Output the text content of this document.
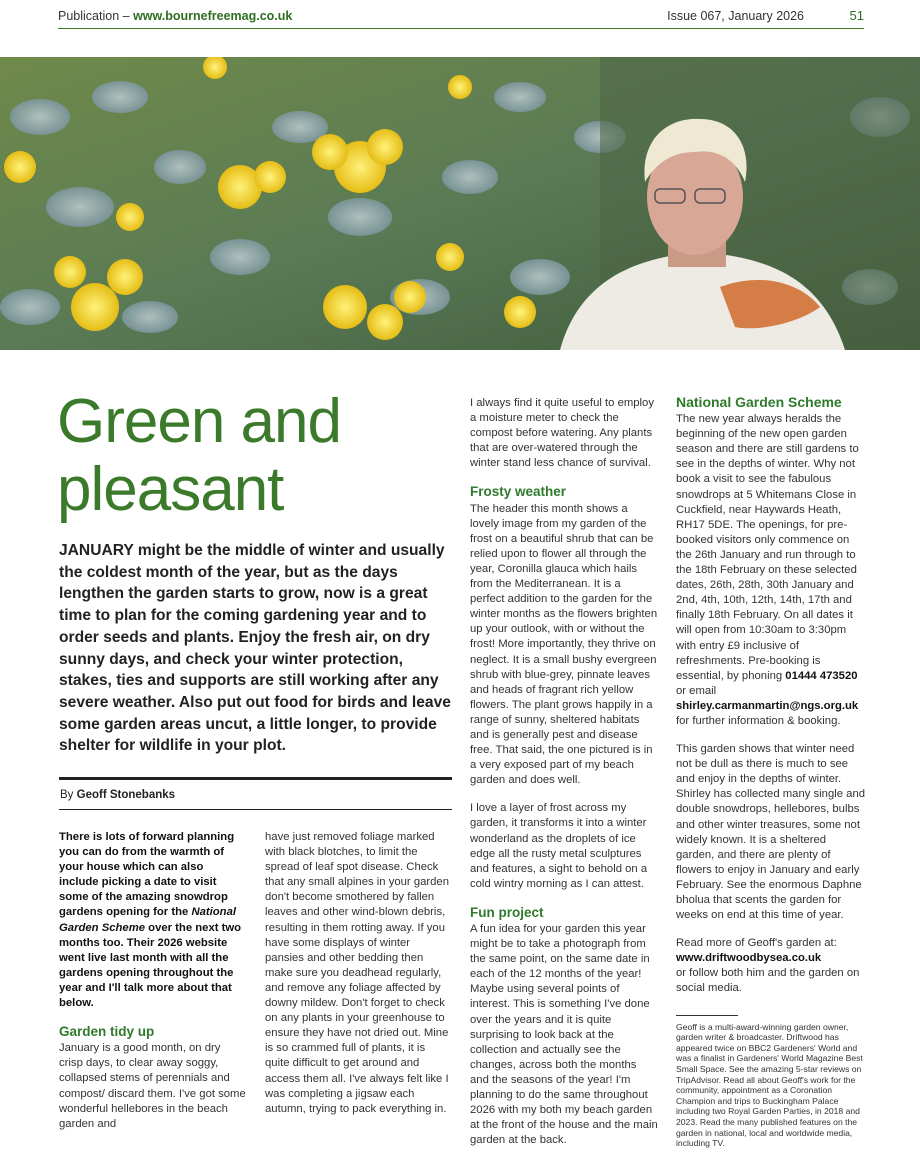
Publication – www.bournefreemag.co.uk	Issue 067, January 2026	51
Green and pleasant

JANUARY might be the middle of winter and usually the coldest month of the year, but as the days lengthen the garden starts to grow, now is a great time to plan for the coming gardening year and to order seeds and plants. Enjoy the fresh air, on dry sunny days, and check your winter protection, stakes, ties and supports are still working after any severe weather. Also put out food for birds and leave some garden areas uncut, a little longer, to provide shelter for wildlife in your plot.

By Geoff Stonebanks

There is lots of forward planning you can do from the warmth of your house which can also include picking a date to visit some of the amazing snowdrop gardens opening for the National Garden Scheme over the next two months too. Their 2026 website went live last month with all the gardens opening throughout the year and I'll talk more about that below.

Garden tidy up

January is a good month, on dry crisp days, to clear away soggy, collapsed stems of perennials and compost/ discard them. I've got some wonderful hellebores in the beach garden and

have just removed foliage marked with black blotches, to limit the spread of leaf spot disease. Check that any small alpines in your garden don't become smothered by fallen leaves and other wind-blown debris, resulting in them rotting away. If you have some displays of winter pansies and other bedding then make sure you deadhead regularly, and remove any foliage affected by downy mildew. Don't forget to check on any plants in your greenhouse to ensure they have not dried out. Mine is so crammed full of plants, it is quite difficult to get around and access them all. I've always felt like I was completing a jigsaw each autumn, trying to pack everything in.

I always find it quite useful to employ a moisture meter to check the compost before watering. Any plants that are over-watered through the winter stand less chance of survival.

Frosty weather

The header this month shows a lovely image from my garden of the frost on a beautiful shrub that can be relied upon to flower all through the year, Coronilla glauca which hails from the Mediterranean. It is a perfect addition to the garden for the winter months as the flowers brighten up your outlook, with or without the frost! More importantly, they thrive on neglect. It is a small bushy evergreen shrub with blue-grey, pinnate leaves and heads of fragrant rich yellow flowers. The plant grows happily in a range of sunny, sheltered habitats and is generally pest and disease free. That said, the one pictured is in a very exposed part of my beach garden and does well.

I love a layer of frost across my garden, it transforms it into a winter wonderland as the droplets of ice edge all the rusty metal sculptures and features, a sight to behold on a cold wintry morning as I can attest.

Fun project

A fun idea for your garden this year might be to take a photograph from the same point, on the same date in each of the 12 months of the year! Maybe using several points of interest. This is something I've done over the years and it is quite surprising to look back at the collection and actually see the changes, across both the months and the seasons of the year! I'm planning to do the same throughout 2026 with my both my beach garden at the front of the house and the main garden at the back.

National Garden Scheme

The new year always heralds the beginning of the new open garden season and there are still gardens to see in the depths of winter. Why not book a visit to see the fabulous snowdrops at 5 Whitemans Close in Cuckfield, near Haywards Heath, RH17 5DE. The openings, for pre-booked visitors only commence on the 26th January and run through to the 18th February on these selected dates, 26th, 28th, 30th January and 2nd, 4th, 10th, 12th, 14th, 17th and finally 18th February. On all dates it will open from 10:30am to 3:30pm with entry £9 inclusive of refreshments. Pre-booking is essential, by phoning 01444 473520 or email shirley.carmanmartin@ngs.org.uk for further information & booking.

This garden shows that winter need not be dull as there is much to see and enjoy in the depths of winter. Shirley has collected many single and double snowdrops, hellebores, bulbs and other winter treasures, some not widely known. It is a sheltered garden, and there are plenty of flowers to enjoy in January and early February. See the enormous Daphne bholua that scents the garden for weeks on end at this time of year.

Read more of Geoff's garden at:
www.driftwoodbysea.co.uk
or follow both him and the garden on social media.

Geoff is a multi-award-winning garden owner, garden writer & broadcaster. Driftwood has appeared twice on BBC2 Gardeners' World and was a finalist in Gardeners' World Magazine Best Small Space. See the amazing 5-star reviews on TripAdvisor. Read all about Geoff's work for the community, appointment as a Coronation Champion and trips to Buckingham Palace including two Royal Garden Parties, in 2018 and 2023. Read the many published features on the garden in national, local and worldwide media, including TV.
